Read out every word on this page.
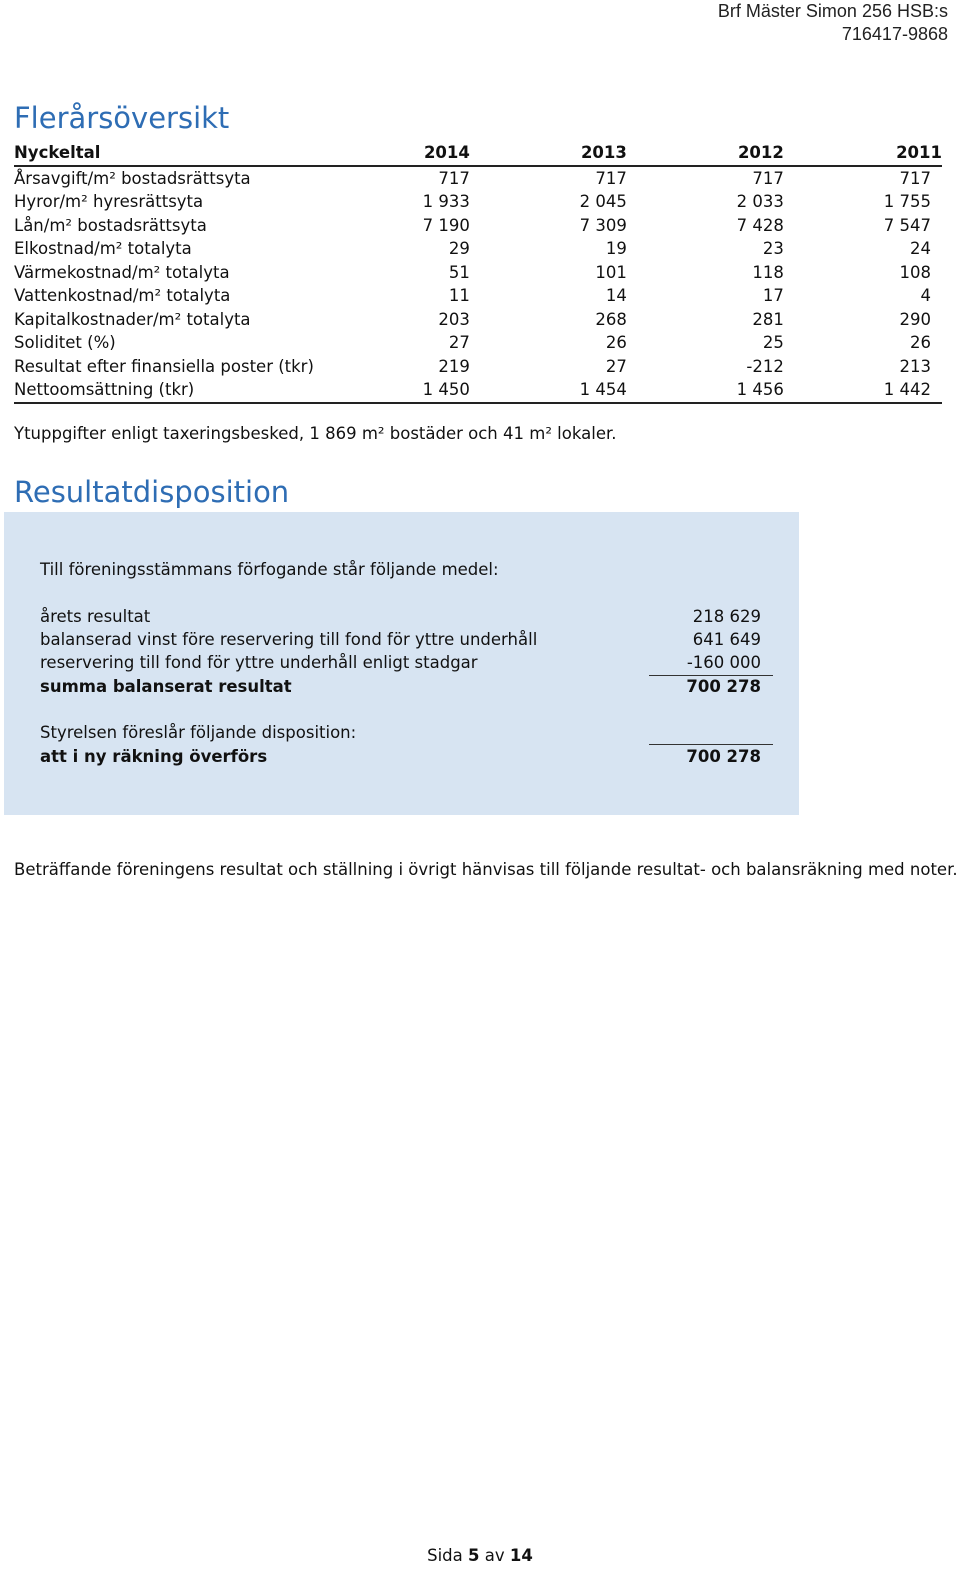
Brf Mäster Simon 256 HSB:s
716417-9868
Flerårsöversikt
Nyckeltal	2014	2013	2012	2011
Årsavgift/m² bostadsrättsyta	717	717	717	717
Hyror/m² hyresrättsyta	1 933	2 045	2 033	1 755
Lån/m² bostadsrättsyta	7 190	7 309	7 428	7 547
Elkostnad/m² totalyta	29	19	23	24
Värmekostnad/m² totalyta	51	101	118	108
Vattenkostnad/m² totalyta	11	14	17	4
Kapitalkostnader/m² totalyta	203	268	281	290
Soliditet (%)	27	26	25	26
Resultat efter finansiella poster (tkr)	219	27	-212	213
Nettoomsättning (tkr)	1 450	1 454	1 456	1 442
Ytuppgifter enligt taxeringsbesked, 1 869 m² bostäder och 41 m² lokaler.
Resultatdisposition
Till föreningsstämmans förfogande står följande medel:
årets resultat	218 629
balanserad vinst före reservering till fond för yttre underhåll	641 649
reservering till fond för yttre underhåll enligt stadgar	-160 000
summa balanserat resultat	700 278
Styrelsen föreslår följande disposition:
att i ny räkning överförs	700 278
Beträffande föreningens resultat och ställning i övrigt hänvisas till följande resultat- och balansräkning med noter.
Sida 5 av 14
